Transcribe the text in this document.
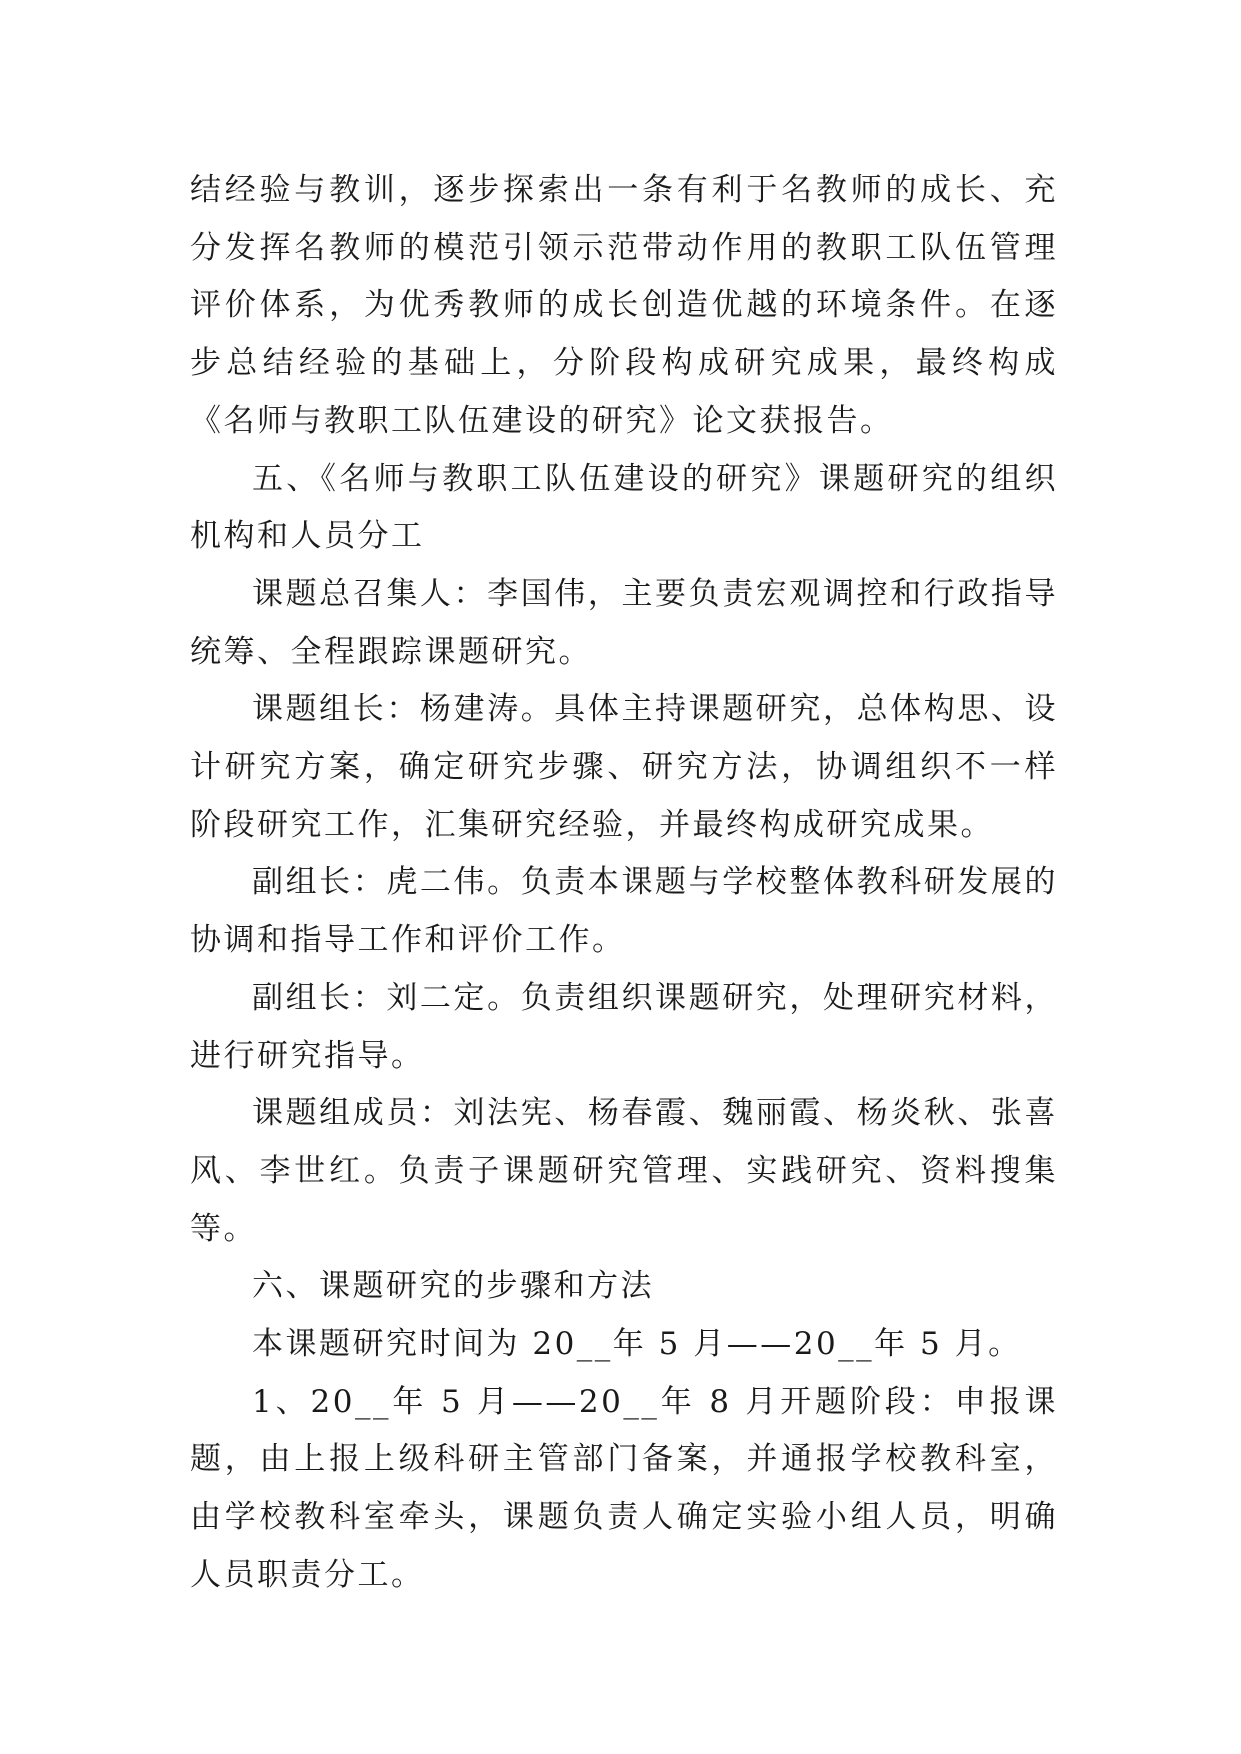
结经验与教训，逐步探索出一条有利于名教师的成长、充分发挥名教师的模范引领示范带动作用的教职工队伍管理评价体系，为优秀教师的成长创造优越的环境条件。在逐步总结经验的基础上，分阶段构成研究成果，最终构成《名师与教职工队伍建设的研究》论文获报告。

五、《名师与教职工队伍建设的研究》课题研究的组织机构和人员分工

课题总召集人：李国伟，主要负责宏观调控和行政指导统筹、全程跟踪课题研究。

课题组长：杨建涛。具体主持课题研究，总体构思、设计研究方案，确定研究步骤、研究方法，协调组织不一样阶段研究工作，汇集研究经验，并最终构成研究成果。

副组长：虎二伟。负责本课题与学校整体教科研发展的协调和指导工作和评价工作。

副组长：刘二定。负责组织课题研究，处理研究材料，进行研究指导。

课题组成员：刘法宪、杨春霞、魏丽霞、杨炎秋、张喜风、李世红。负责子课题研究管理、实践研究、资料搜集等。

六、课题研究的步骤和方法

本课题研究时间为 20__年 5 月——20__年 5 月。

1、20__年 5 月——20__年 8 月开题阶段：申报课题，由上报上级科研主管部门备案，并通报学校教科室，由学校教科室牵头，课题负责人确定实验小组人员，明确人员职责分工。
